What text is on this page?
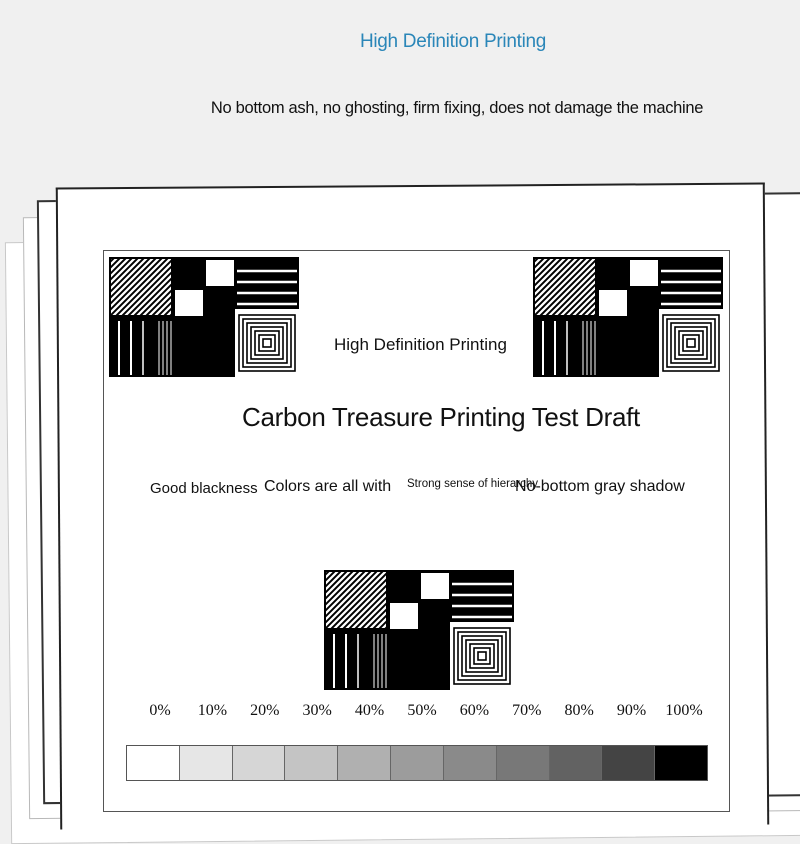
High Definition Printing
No bottom ash, no ghosting, firm fixing, does not damage the machine
High Definition Printing
Carbon Treasure Printing Test Draft
Good blackness Colors are all with Strong sense of hierarchy
No-bottom gray shadow
0% 10% 20% 30% 40% 50% 60% 70% 80% 90% 100%
